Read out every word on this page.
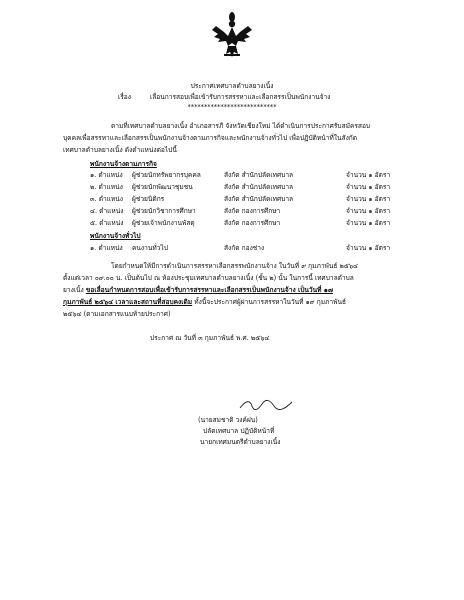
ประกาศเทศบาลตำบลยางเนิ้ง
เรื่อง	เลื่อนการสอบเพื่อเข้ารับการสรรหาและเลือกสรรเป็นพนักงานจ้าง
***************************
ตามที่เทศบาลตำบลยางเนิ้ง อำเภอสารภี จังหวัดเชียงใหม่ ได้ดำเนินการประกาศรับสมัครสอบ
บุคคลเพื่อสรรหาและเลือกสรรเป็นพนักงานจ้างตามภารกิจและพนักงานจ้างทั่วไป เพื่อปฏิบัติหน้าที่ในสังกัด
เทศบาลตำบลยางเนิ้ง ดังตำแหน่งต่อไปนี้
พนักงานจ้างตามภารกิจ
๑. ตำแหน่ง ผู้ช่วยนักทรัพยากรบุคคล	สังกัด สำนักปลัดเทศบาล	จำนวน ๑ อัตรา
๒. ตำแหน่ง ผู้ช่วยนักพัฒนาชุมชน	สังกัด สำนักปลัดเทศบาล	จำนวน ๑ อัตรา
๓. ตำแหน่ง ผู้ช่วยนิติกร	สังกัด สำนักปลัดเทศบาล	จำนวน ๑ อัตรา
๔. ตำแหน่ง ผู้ช่วยนักวิชาการศึกษา	สังกัด กองการศึกษา	จำนวน ๑ อัตรา
๕. ตำแหน่ง ผู้ช่วยเจ้าพนักงานพัสดุ	สังกัด กองการศึกษา	จำนวน ๑ อัตรา
พนักงานจ้างทั่วไป
๑. ตำแหน่ง คนงานทั่วไป	สังกัด กองช่าง	จำนวน ๑ อัตรา
โดยกำหนดให้มีการดำเนินการสรรหาเลือกสรรพนักงานจ้าง ในวันที่ ๙ กุมภาพันธ์ ๒๕๖๔
ตั้งแต่เวลา ๐๙.๐๐ น. เป็นต้นไป ณ ห้องประชุมเทศบาลตำบลยางเนิ้ง (ชั้น ๒) นั้น ในการนี้ เทศบาลตำบล
ยางเนิ้ง ขอเลื่อนกำหนดการสอบเพื่อเข้ารับการสรรหาและเลือกสรรเป็นพนักงานจ้าง เป็นวันที่ ๑๗
กุมภาพันธ์ ๒๕๖๔ เวลาและสถานที่สอบคงเดิม ทั้งนี้จะประกาศผู้ผ่านการสรรหาในวันที่ ๑๙ กุมภาพันธ์
๒๕๖๔ (ตามเอกสารแนบท้ายประกาศ)
ประกาศ ณ วันที่ ๓ กุมภาพันธ์ พ.ศ. ๒๕๖๔
(นายสมชาติ วงค์ฝน)
ปลัดเทศบาล ปฏิบัติหน้าที่
นายกเทศมนตรีตำบลยางเนิ้ง
